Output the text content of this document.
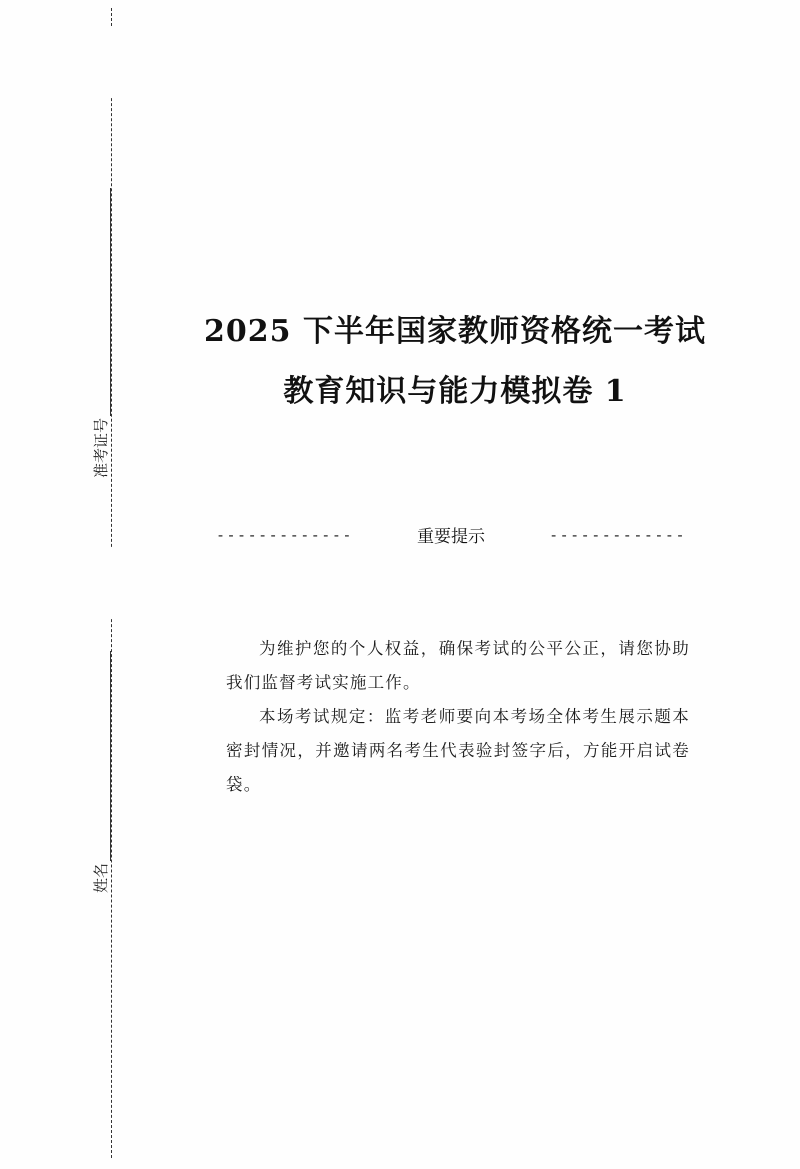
准考证号
姓名
2025 下半年国家教师资格统一考试
教育知识与能力模拟卷 1
-------------	重要提示	-------------

为维护您的个人权益，确保考试的公平公正，请您协助我们监督考试实施工作。

本场考试规定：监考老师要向本考场全体考生展示题本密封情况，并邀请两名考生代表验封签字后，方能开启试卷袋。
